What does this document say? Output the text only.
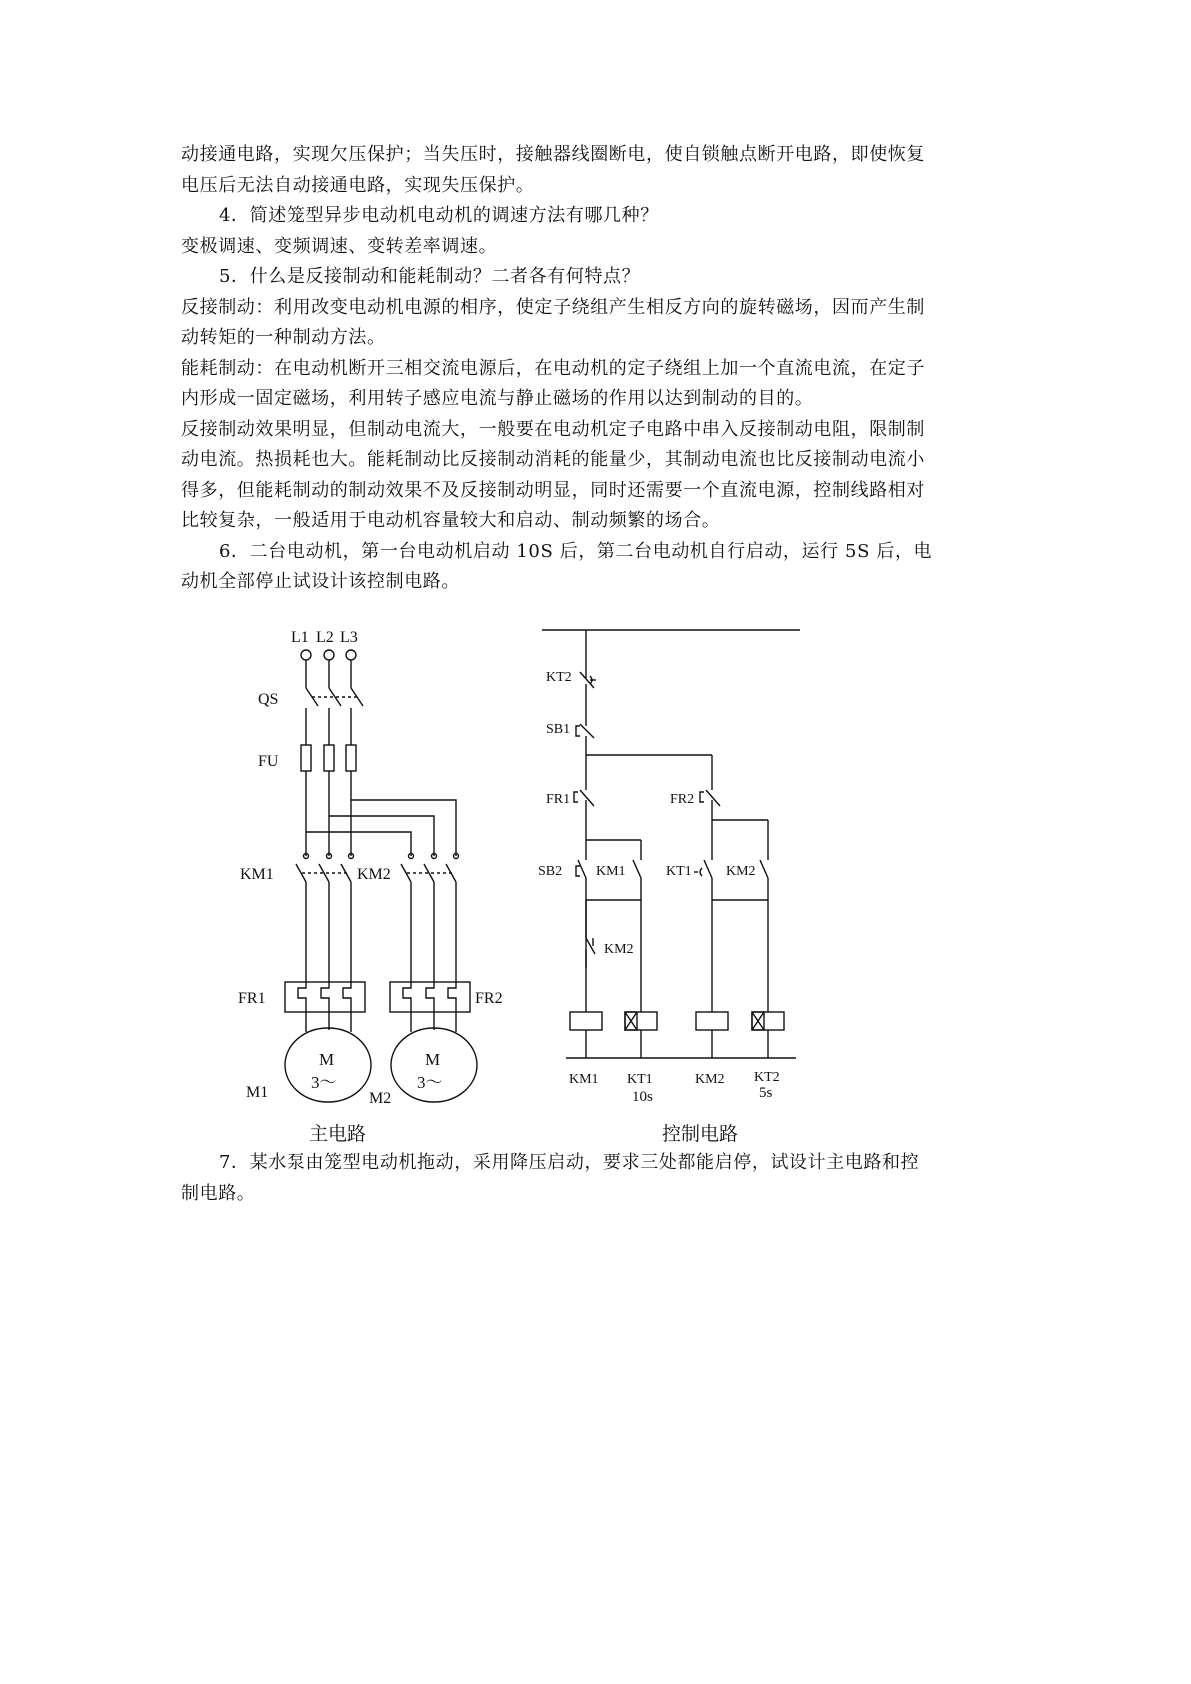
动接通电路，实现欠压保护；当失压时，接触器线圈断电，使自锁触点断开电路，即使恢复
电压后无法自动接通电路，实现失压保护。
4．简述笼型异步电动机电动机的调速方法有哪几种？
变极调速、变频调速、变转差率调速。
5．什么是反接制动和能耗制动？二者各有何特点？
反接制动：利用改变电动机电源的相序，使定子绕组产生相反方向的旋转磁场，因而产生制
动转矩的一种制动方法。
能耗制动：在电动机断开三相交流电源后，在电动机的定子绕组上加一个直流电流，在定子
内形成一固定磁场，利用转子感应电流与静止磁场的作用以达到制动的目的。
反接制动效果明显，但制动电流大，一般要在电动机定子电路中串入反接制动电阻，限制制
动电流。热损耗也大。能耗制动比反接制动消耗的能量少，其制动电流也比反接制动电流小
得多，但能耗制动的制动效果不及反接制动明显，同时还需要一个直流电源，控制线路相对
比较复杂，一般适用于电动机容量较大和启动、制动频繁的场合。
6．二台电动机，第一台电动机启动 10S 后，第二台电动机自行启动，运行 5S 后，电
动机全部停止试设计该控制电路。
L1 L2 L3
QS
FU
KM1	KM2
FR1	FR2
M
3～
M1
M
3～
M2
KT2
SB1
FR1	FR2
SB2 KM1
KM2
KT1 KM2
KM1 KT1
10s
KM2 KT2
5s
主电路	控制电路
7．某水泵由笼型电动机拖动，采用降压启动，要求三处都能启停，试设计主电路和控
制电路。
